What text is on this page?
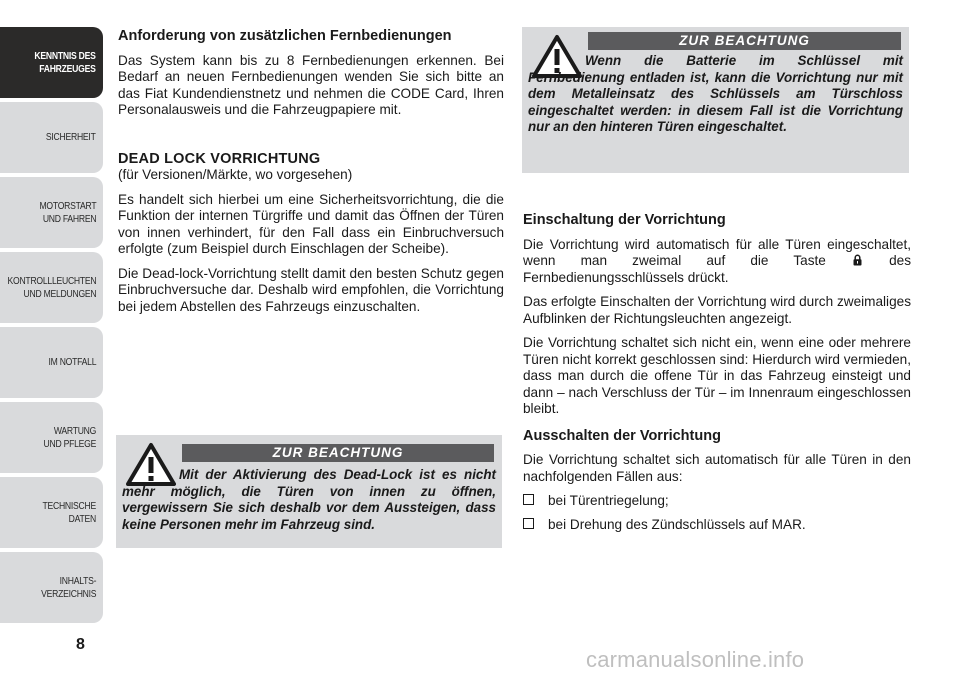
KENNTNIS DES
FAHRZEUGES
SICHERHEIT
MOTORSTART
UND FAHREN
KONTROLLLEUCHTEN
UND MELDUNGEN
IM NOTFALL
WARTUNG
UND PFLEGE
TECHNISCHE DATEN
INHALTS-
VERZEICHNIS
8
Anforderung von zusätzlichen Fernbedienungen

Das System kann bis zu 8 Fernbedienungen erkennen. Bei Bedarf an neuen Fernbedienungen wenden Sie sich bitte an das Fiat Kundendienstnetz und nehmen die CODE Card, Ihren Personalausweis und die Fahrzeugpapiere mit.

DEAD LOCK VORRICHTUNG
(für Versionen/Märkte, wo vorgesehen)

Es handelt sich hierbei um eine Sicherheitsvorrichtung, die die Funktion der internen Türgriffe und damit das Öffnen der Türen von innen verhindert, für den Fall dass ein Einbruchversuch erfolgte (zum Beispiel durch Einschlagen der Scheibe).

Die Dead-lock-Vorrichtung stellt damit den besten Schutz gegen Einbruchversuche dar. Deshalb wird empfohlen, die Vorrichtung bei jedem Abstellen des Fahrzeugs einzuschalten.

ZUR BEACHTUNG
Mit der Aktivierung des Dead-Lock ist es nicht mehr möglich, die Türen von innen zu öffnen, vergewissern Sie sich deshalb vor dem Aussteigen, dass keine Personen mehr im Fahrzeug sind.
ZUR BEACHTUNG
Wenn die Batterie im Schlüssel mit Fernbedienung entladen ist, kann die Vorrichtung nur mit dem Metalleinsatz des Schlüssels am Türschloss eingeschaltet werden: in diesem Fall ist die Vorrichtung nur an den hinteren Türen eingeschaltet.
Einschaltung der Vorrichtung

Die Vorrichtung wird automatisch für alle Türen eingeschaltet, wenn man zweimal auf die Taste	des Fernbedienungsschlüssels drückt.

Das erfolgte Einschalten der Vorrichtung wird durch zweimaliges Aufblinken der Richtungsleuchten angezeigt.

Die Vorrichtung schaltet sich nicht ein, wenn eine oder mehrere Türen nicht korrekt geschlossen sind: Hierdurch wird vermieden, dass man durch die offene Tür in das Fahrzeug einsteigt und dann – nach Verschluss der Tür – im Innenraum eingeschlossen bleibt.

Ausschalten der Vorrichtung

Die Vorrichtung schaltet sich automatisch für alle Türen in den nachfolgenden Fällen aus:

bei Türentriegelung;
bei Drehung des Zündschlüssels auf MAR.
carmanualsonline.info
